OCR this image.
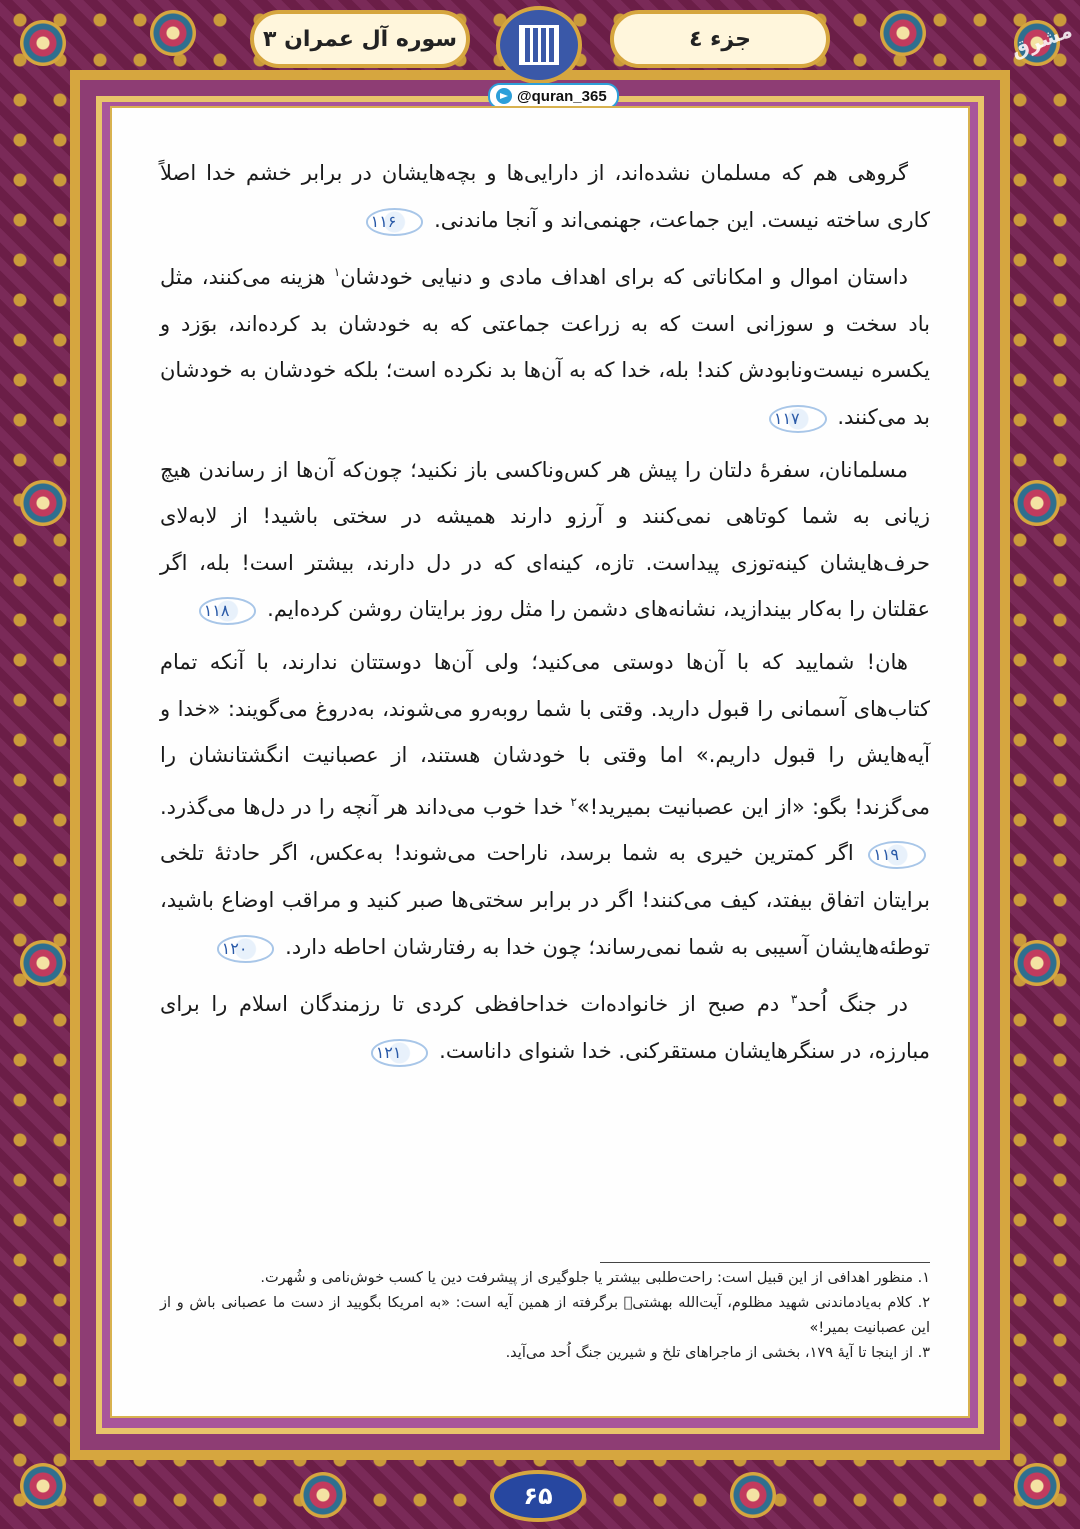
مشرق
سوره آل عمران ۳	جزء ٤
@quran_365

گروهی هم که مسلمان نشده‌اند، از دارایی‌ها و بچه‌هایشان در برابر خشم خدا اصلاً کاری ساخته نیست. این جماعت، جهنمی‌اند و آنجا ماندنی. ۱۱۶

داستان اموال و امکاناتی که برای اهداف مادی و دنیایی خودشان$^۱$ هزینه می‌کنند، مثل باد سخت و سوزانی است که به زراعت جماعتی که به خودشان بد کرده‌اند، بوَزد و یکسره نیست‌ونابودش کند! بله، خدا که به آن‌ها بد نکرده است؛ بلکه خودشان به خودشان بد می‌کنند. ۱۱۷

مسلمانان، سفرهٔ دلتان را پیش هر کس‌وناکسی باز نکنید؛ چون‌که آن‌ها از رساندن هیچ زیانی به شما کوتاهی نمی‌کنند و آرزو دارند همیشه در سختی باشید! از لابه‌لای حرف‌هایشان کینه‌توزی پیداست. تازه، کینه‌ای که در دل دارند، بیشتر است! بله، اگر عقلتان را به‌کار بیندازید، نشانه‌های دشمن را مثل روز برایتان روشن کرده‌ایم. ۱۱۸

هان! شمایید که با آن‌ها دوستی می‌کنید؛ ولی آن‌ها دوستتان ندارند، با آنکه تمام کتاب‌های آسمانی را قبول دارید. وقتی با شما روبه‌رو می‌شوند، به‌دروغ می‌گویند: «خدا و آیه‌هایش را قبول داریم.» اما وقتی با خودشان هستند، از عصبانیت انگشتانشان را می‌گزند! بگو: «از این عصبانیت بمیرید!»$^۲$ خدا خوب می‌داند هر آنچه را در دل‌ها می‌گذرد. ۱۱۹ اگر کمترین خیری به شما برسد، ناراحت می‌شوند! به‌عکس، اگر حادثهٔ تلخی برایتان اتفاق بیفتد، کیف می‌کنند! اگر در برابر سختی‌ها صبر کنید و مراقب اوضاع باشید، توطئه‌هایشان آسیبی به شما نمی‌رساند؛ چون خدا به رفتارشان احاطه دارد. ۱۲۰

در جنگ اُحد$^۳$ دم صبح از خانواده‌ات خداحافظی کردی تا رزمندگان اسلام را برای مبارزه، در سنگرهایشان مستقرکنی. خدا شنوای داناست. ۱۲۱

۱. منظور اهدافی از این قبیل است: راحت‌طلبی بیشتر یا جلوگیری از پیشرفت دین یا کسب خوش‌نامی و شُهرت.
۲. کلام به‌یادماندنی شهید مظلوم، آیت‌الله بهشتی﷫ برگرفته از همین آیه است: «به امریکا بگویید از دست ما عصبانی باش و از این عصبانیت بمیر!»
۳. از اینجا تا آیهٔ ۱۷۹، بخشی از ماجراهای تلخ و شیرین جنگ اُحد می‌آید.
۶۵
